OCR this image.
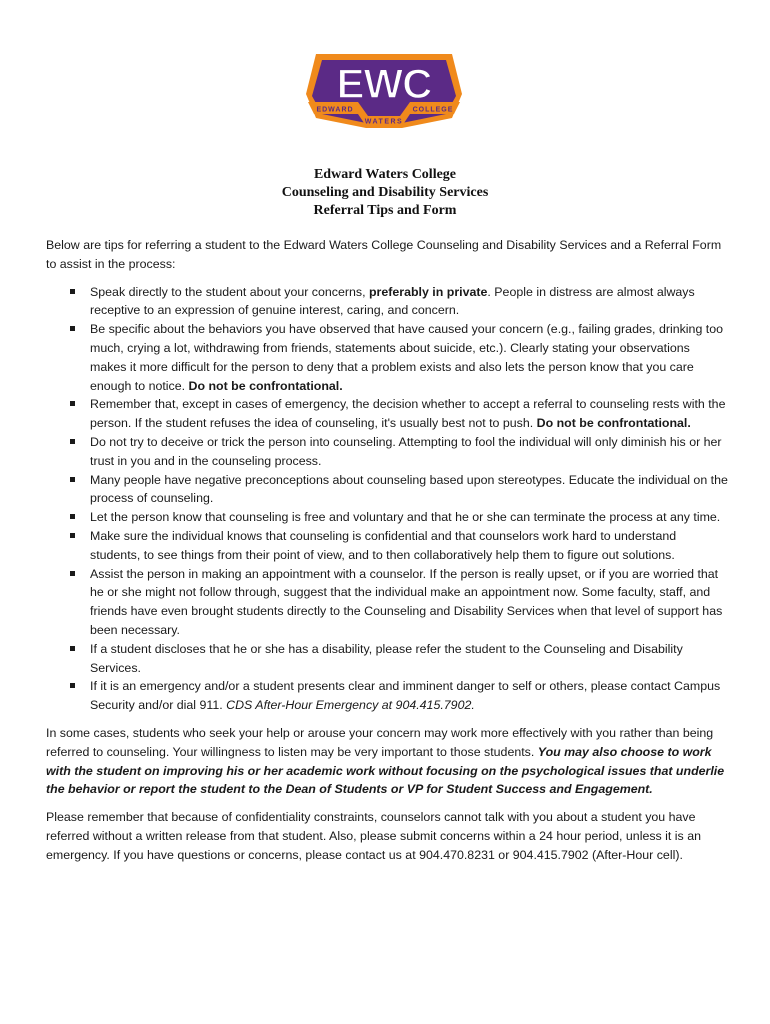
EWC
EDWARD	COLLEGE
WATERS
Edward Waters College
Counseling and Disability Services
Referral Tips and Form

Below are tips for referring a student to the Edward Waters College Counseling and Disability Services and a Referral Form to assist in the process:

Speak directly to the student about your concerns, preferably in private. People in distress are almost always receptive to an expression of genuine interest, caring, and concern.
Be specific about the behaviors you have observed that have caused your concern (e.g., failing grades, drinking too much, crying a lot, withdrawing from friends, statements about suicide, etc.). Clearly stating your observations makes it more difficult for the person to deny that a problem exists and also lets the person know that you care enough to notice. Do not be confrontational.
Remember that, except in cases of emergency, the decision whether to accept a referral to counseling rests with the person. If the student refuses the idea of counseling, it's usually best not to push. Do not be confrontational.
Do not try to deceive or trick the person into counseling. Attempting to fool the individual will only diminish his or her trust in you and in the counseling process.
Many people have negative preconceptions about counseling based upon stereotypes. Educate the individual on the process of counseling.
Let the person know that counseling is free and voluntary and that he or she can terminate the process at any time.
Make sure the individual knows that counseling is confidential and that counselors work hard to understand students, to see things from their point of view, and to then collaboratively help them to figure out solutions.
Assist the person in making an appointment with a counselor. If the person is really upset, or if you are worried that he or she might not follow through, suggest that the individual make an appointment now. Some faculty, staff, and friends have even brought students directly to the Counseling and Disability Services when that level of support has been necessary.
If a student discloses that he or she has a disability, please refer the student to the Counseling and Disability Services.
If it is an emergency and/or a student presents clear and imminent danger to self or others, please contact Campus Security and/or dial 911. CDS After-Hour Emergency at 904.415.7902.

In some cases, students who seek your help or arouse your concern may work more effectively with you rather than being referred to counseling. Your willingness to listen may be very important to those students. You may also choose to work with the student on improving his or her academic work without focusing on the psychological issues that underlie the behavior or report the student to the Dean of Students or VP for Student Success and Engagement.

Please remember that because of confidentiality constraints, counselors cannot talk with you about a student you have referred without a written release from that student. Also, please submit concerns within a 24 hour period, unless it is an emergency. If you have questions or concerns, please contact us at 904.470.8231 or 904.415.7902 (After-Hour cell).
